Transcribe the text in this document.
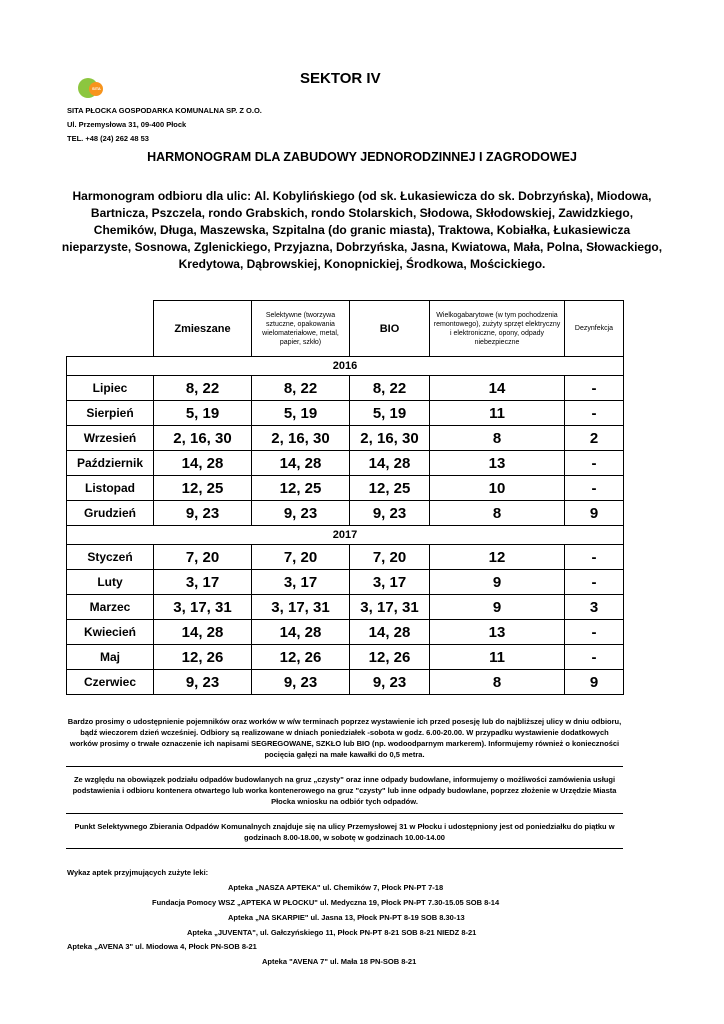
SITA
SEKTOR IV
SITA PŁOCKA GOSPODARKA KOMUNALNA SP. Z O.O.
Ul. Przemysłowa 31, 09-400 Płock
TEL. +48 (24) 262 48 53
HARMONOGRAM DLA ZABUDOWY JEDNORODZINNEJ I ZAGRODOWEJ
Harmonogram odbioru dla ulic: Al. Kobylińskiego (od sk. Łukasiewicza do sk. Dobrzyńska), Miodowa, Bartnicza, Pszczela, rondo Grabskich, rondo Stolarskich, Słodowa, Skłodowskiej, Zawidzkiego, Chemików, Długa, Maszewska, Szpitalna (do granic miasta), Traktowa, Kobiałka, Łukasiewicza nieparzyste, Sosnowa, Zglenickiego, Przyjazna, Dobrzyńska, Jasna, Kwiatowa, Mała, Polna, Słowackiego, Kredytowa, Dąbrowskiej, Konopnickiej, Środkowa, Mościckiego.
	Zmieszane	Selektywne (tworzywa sztuczne, opakowania wielomateriałowe, metal, papier, szkło)	BIO	Wielkogabarytowe (w tym pochodzenia remontowego), zużyty sprzęt elektryczny i elektroniczne, opony, odpady niebezpieczne	Dezynfekcja
2016					
Lipiec	8, 22	8, 22	8, 22	14	-
Sierpień	5, 19	5, 19	5, 19	11	-
Wrzesień	2, 16, 30	2, 16, 30	2, 16, 30	8	2
Październik	14, 28	14, 28	14, 28	13	-
Listopad	12, 25	12, 25	12, 25	10	-
Grudzień	9, 23	9, 23	9, 23	8	9
2017					
Styczeń	7, 20	7, 20	7, 20	12	-
Luty	3, 17	3, 17	3, 17	9	-
Marzec	3, 17, 31	3, 17, 31	3, 17, 31	9	3
Kwiecień	14, 28	14, 28	14, 28	13	-
Maj	12, 26	12, 26	12, 26	11	-
Czerwiec	9, 23	9, 23	9, 23	8	9
Bardzo prosimy o udostępnienie pojemników oraz worków w w/w terminach poprzez wystawienie ich przed posesję lub do najbliższej ulicy w dniu odbioru, bądź wieczorem dzień wcześniej. Odbiory są realizowane w dniach poniedziałek -sobota w godz. 6.00-20.00. W przypadku wystawienie dodatkowych worków prosimy o trwałe oznaczenie ich napisami SEGREGOWANE, SZKŁO lub BIO (np. wodoodparnym markerem). Informujemy również o konieczności pocięcia gałęzi na małe kawałki do 0,5 metra.
Ze względu na obowiązek podziału odpadów budowlanych na gruz „czysty" oraz inne odpady budowlane, informujemy o możliwości zamówienia usługi podstawienia i odbioru kontenera otwartego lub worka kontenerowego na gruz "czysty" lub inne odpady budowlane, poprzez złożenie w Urzędzie Miasta Płocka wniosku na odbiór tych odpadów.
Punkt Selektywnego Zbierania Odpadów Komunalnych znajduje się na ulicy Przemysłowej 31 w Płocku i udostępniony jest od poniedziałku do piątku w godzinach 8.00-18.00, w sobotę w godzinach 10.00-14.00
Wykaz aptek przyjmujących zużyte leki:
Apteka „NASZA APTEKA" ul. Chemików 7, Płock PN-PT 7-18
Fundacja Pomocy WSZ „APTEKA W PŁOCKU" ul. Medyczna 19, Płock PN-PT 7.30-15.05 SOB 8-14
Apteka „NA SKARPIE" ul. Jasna 13, Płock PN-PT 8-19 SOB 8.30-13
Apteka „JUVENTA", ul. Gałczyńskiego 11, Płock PN-PT 8-21 SOB 8-21 NIEDZ 8-21
Apteka „AVENA 3" ul. Miodowa 4, Płock PN-SOB 8-21
Apteka "AVENA 7" ul. Mała 18 PN-SOB 8-21
